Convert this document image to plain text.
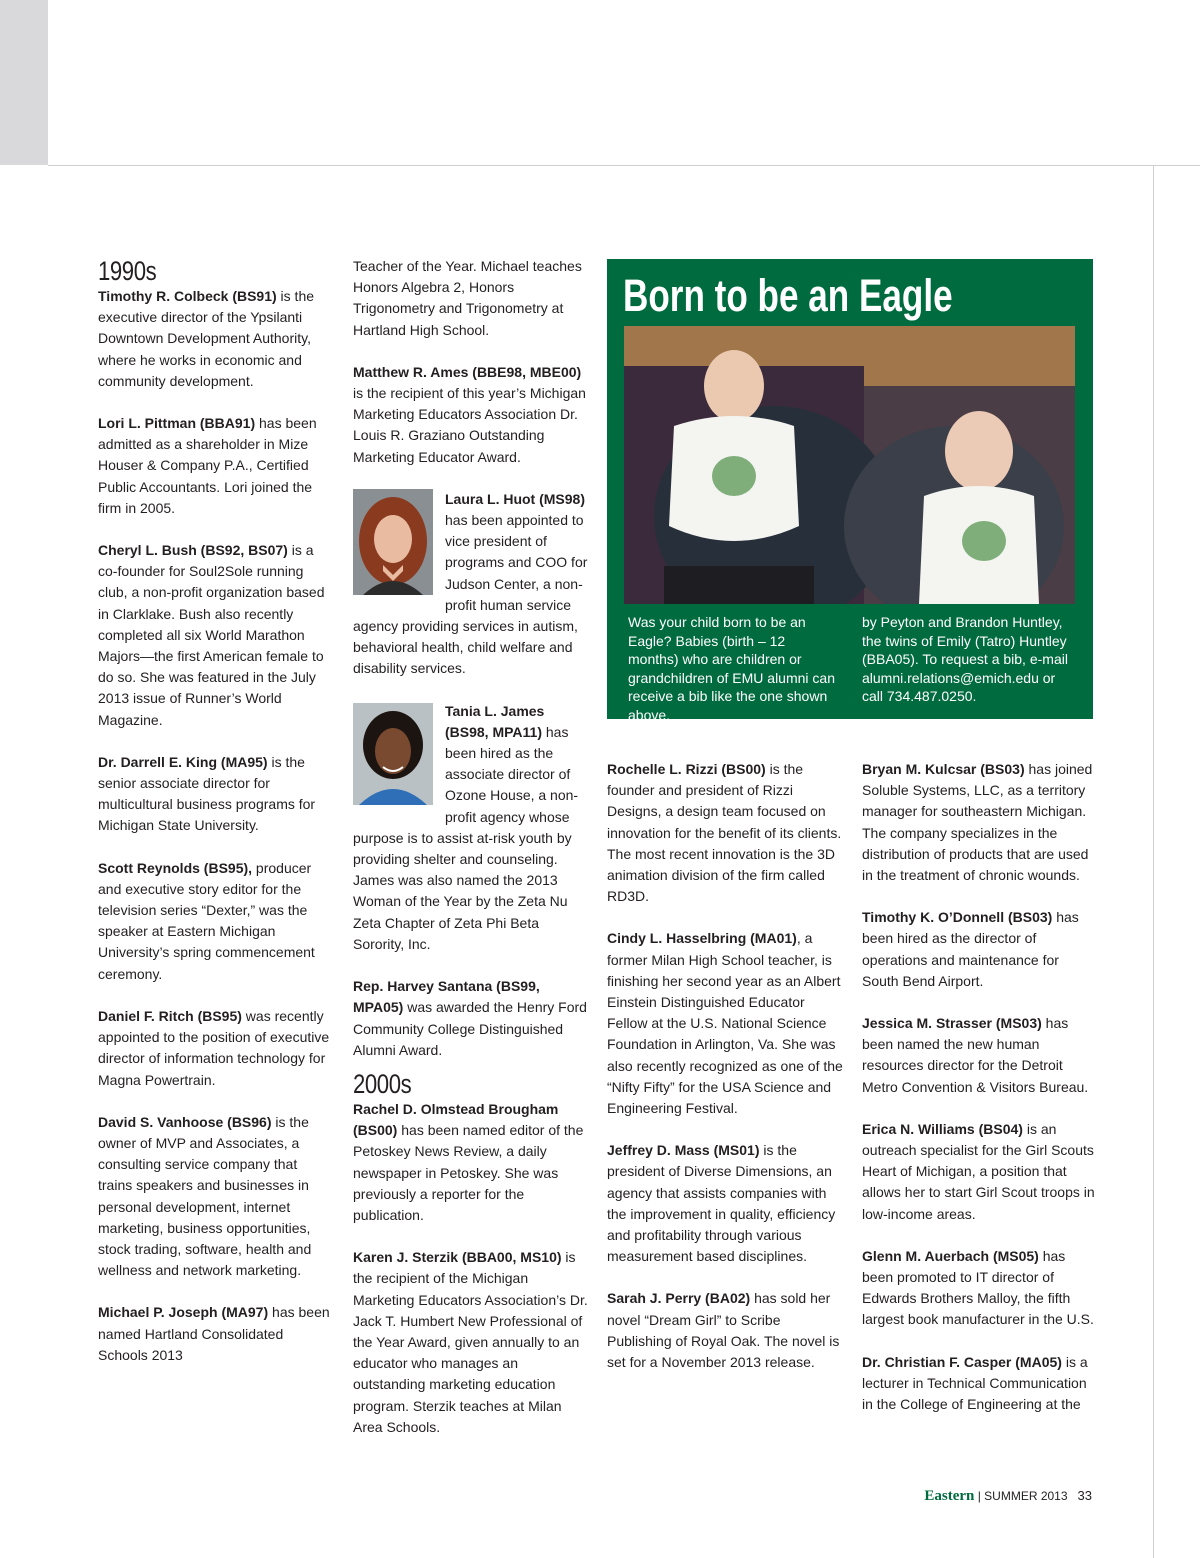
1990s

Timothy R. Colbeck (BS91) is the executive director of the Ypsilanti Downtown Development Authority, where he works in economic and community development.

Lori L. Pittman (BBA91) has been admitted as a shareholder in Mize Houser & Company P.A., Certified Public Accountants. Lori joined the firm in 2005.

Cheryl L. Bush (BS92, BS07) is a co-founder for Soul2Sole running club, a non-profit organization based in Clarklake. Bush also recently completed all six World Marathon Majors—the first American female to do so. She was featured in the July 2013 issue of Runner’s World Magazine.

Dr. Darrell E. King (MA95) is the senior associate director for multicultural business programs for Michigan State University.

Scott Reynolds (BS95), producer and executive story editor for the television series “Dexter,” was the speaker at Eastern Michigan University’s spring commencement ceremony.

Daniel F. Ritch (BS95) was recently appointed to the position of executive director of information technology for Magna Powertrain.

David S. Vanhoose (BS96) is the owner of MVP and Associates, a consulting service company that trains speakers and businesses in personal development, internet marketing, business opportunities, stock trading, software, health and wellness and network marketing.

Michael P. Joseph (MA97) has been named Hartland Consolidated Schools 2013

Teacher of the Year. Michael teaches Honors Algebra 2, Honors Trigonometry and Trigonometry at Hartland High School.

Matthew R. Ames (BBE98, MBE00) is the recipient of this year’s Michigan Marketing Educators Association Dr. Louis R. Graziano Outstanding Marketing Educator Award.

Laura L. Huot (MS98) has been appointed to vice president of programs and COO for Judson Center, a non-profit human service agency providing services in autism, behavioral health, child welfare and disability services.

Tania L. James (BS98, MPA11) has been hired as the associate director of Ozone House, a non-profit agency whose purpose is to assist at-risk youth by providing shelter and counseling. James was also named the 2013 Woman of the Year by the Zeta Nu Zeta Chapter of Zeta Phi Beta Sorority, Inc.

Rep. Harvey Santana (BS99, MPA05) was awarded the Henry Ford Community College Distinguished Alumni Award.

2000s

Rachel D. Olmstead Brougham (BS00) has been named editor of the Petoskey News Review, a daily newspaper in Petoskey. She was previously a reporter for the publication.

Karen J. Sterzik (BBA00, MS10) is the recipient of the Michigan Marketing Educators Association’s Dr. Jack T. Humbert New Professional of the Year Award, given annually to an educator who manages an outstanding marketing education program. Sterzik teaches at Milan Area Schools.

Born to be an Eagle
Was your child born to be an Eagle? Babies (birth – 12 months) who are children or grandchildren of EMU alumni can receive a bib like the one shown above,
by Peyton and Brandon Huntley, the twins of Emily (Tatro) Huntley (BBA05). To request a bib, e-mail alumni.relations@emich.edu or call 734.487.0250.

Rochelle L. Rizzi (BS00) is the founder and president of Rizzi Designs, a design team focused on innovation for the benefit of its clients. The most recent innovation is the 3D animation division of the firm called RD3D.

Cindy L. Hasselbring (MA01), a former Milan High School teacher, is finishing her second year as an Albert Einstein Distinguished Educator Fellow at the U.S. National Science Foundation in Arlington, Va. She was also recently recognized as one of the “Nifty Fifty” for the USA Science and Engineering Festival.

Jeffrey D. Mass (MS01) is the president of Diverse Dimensions, an agency that assists companies with the improvement in quality, efficiency and profitability through various measurement based disciplines.

Sarah J. Perry (BA02) has sold her novel “Dream Girl” to Scribe Publishing of Royal Oak. The novel is set for a November 2013 release.

Bryan M. Kulcsar (BS03) has joined Soluble Systems, LLC, as a territory manager for southeastern Michigan. The company specializes in the distribution of products that are used in the treatment of chronic wounds.

Timothy K. O’Donnell (BS03) has been hired as the director of operations and maintenance for South Bend Airport.

Jessica M. Strasser (MS03) has been named the new human resources director for the Detroit Metro Convention & Visitors Bureau.

Erica N. Williams (BS04) is an outreach specialist for the Girl Scouts Heart of Michigan, a position that allows her to start Girl Scout troops in low-income areas.

Glenn M. Auerbach (MS05) has been promoted to IT director of Edwards Brothers Malloy, the fifth largest book manufacturer in the U.S.

Dr. Christian F. Casper (MA05) is a lecturer in Technical Communication in the College of Engineering at the

Eastern | SUMMER 2013 33
